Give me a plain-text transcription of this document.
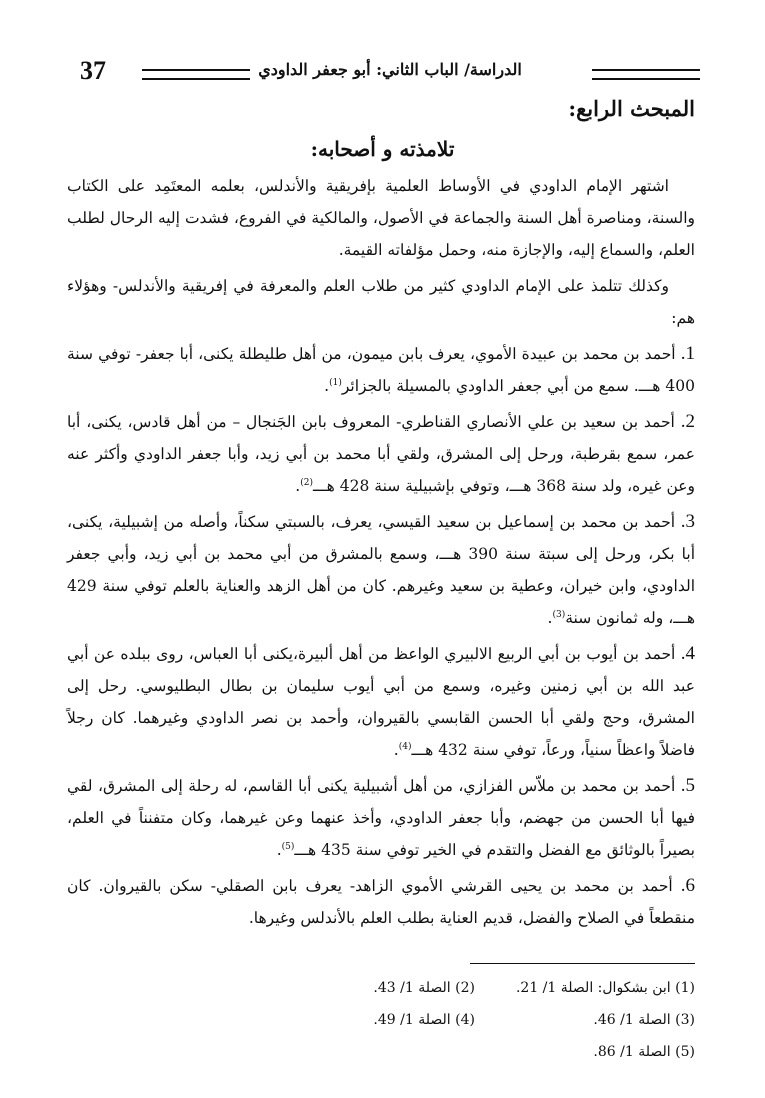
37	الدراسة/ الباب الثاني: أبو جعفر الداودي
المبحث الرابع:
تلامذته و أصحابه:

اشتهر الإمام الداودي في الأوساط العلمية بإفريقية والأندلس، بعلمه المعتَمِد على الكتاب والسنة، ومناصرة أهل السنة والجماعة في الأصول، والمالكية في الفروع، فشدت إليه الرحال لطلب العلم، والسماع إليه، والإجازة منه، وحمل مؤلفاته القيمة.

وكذلك تتلمذ على الإمام الداودي كثير من طلاب العلم والمعرفة في إفريقية والأندلس- وهؤلاء هم:

1. أحمد بن محمد بن عبيدة الأموي، يعرف بابن ميمون، من أهل طليطلة يكنى، أبا جعفر- توفي سنة 400 هـــ. سمع من أبي جعفر الداودي بالمسيلة بالجزائر$^{(1)}$.

2. أحمد بن سعيد بن علي الأنصاري القناطري- المعروف بابن الجَنجال – من أهل قادس، يكنى، أبا عمر، سمع بقرطبة، ورحل إلى المشرق، ولقي أبا محمد بن أبي زيد، وأبا جعفر الداودي وأكثر عنه وعن غيره، ولد سنة 368 هـــ، وتوفي بإشبيلية سنة 428 هـــ$^{(2)}$.

3. أحمد بن محمد بن إسماعيل بن سعيد القيسي، يعرف، بالسبتي سكناً، وأصله من إشبيلية، يكنى، أبا بكر، ورحل إلى سبتة سنة 390 هـــ، وسمع بالمشرق من أبي محمد بن أبي زيد، وأبي جعفر الداودي، وابن خيران، وعطية بن سعيد وغيرهم. كان من أهل الزهد والعناية بالعلم توفي سنة 429 هـــ، وله ثمانون سنة$^{(3)}$.

4. أحمد بن أيوب بن أبي الربيع الالبيري الواعظ من أهل ألبيرة،يكنى أبا العباس، روى ببلده عن أبي عبد الله بن أبي زمنين وغيره، وسمع من أبي أيوب سليمان بن بطال البطليوسي. رحل إلى المشرق، وحج ولقي أبا الحسن القابسي بالقيروان، وأحمد بن نصر الداودي وغيرهما. كان رجلاً فاضلاً واعظاً سنياً، ورعاً، توفي سنة 432 هـــ$^{(4)}$.

5. أحمد بن محمد بن ملاّس الفزازي، من أهل أشبيلية يكنى أبا القاسم، له رحلة إلى المشرق، لقي فيها أبا الحسن من جهضم، وأبا جعفر الداودي، وأخذ عنهما وعن غيرهما، وكان متفنناً في العلم، بصيراً بالوثائق مع الفضل والتقدم في الخير توفي سنة 435 هـــ$^{(5)}$.

6. أحمد بن محمد بن يحيى القرشي الأموي الزاهد- يعرف بابن الصقلي- سكن بالقيروان. كان منقطعاً في الصلاح والفضل، قديم العناية بطلب العلم بالأندلس وغيرها.

(1) ابن بشكوال: الصلة 1/ 21.
(2) الصلة 1/ 43.
(3) الصلة 1/ 46.
(4) الصلة 1/ 49.
(5) الصلة 1/ 86.
